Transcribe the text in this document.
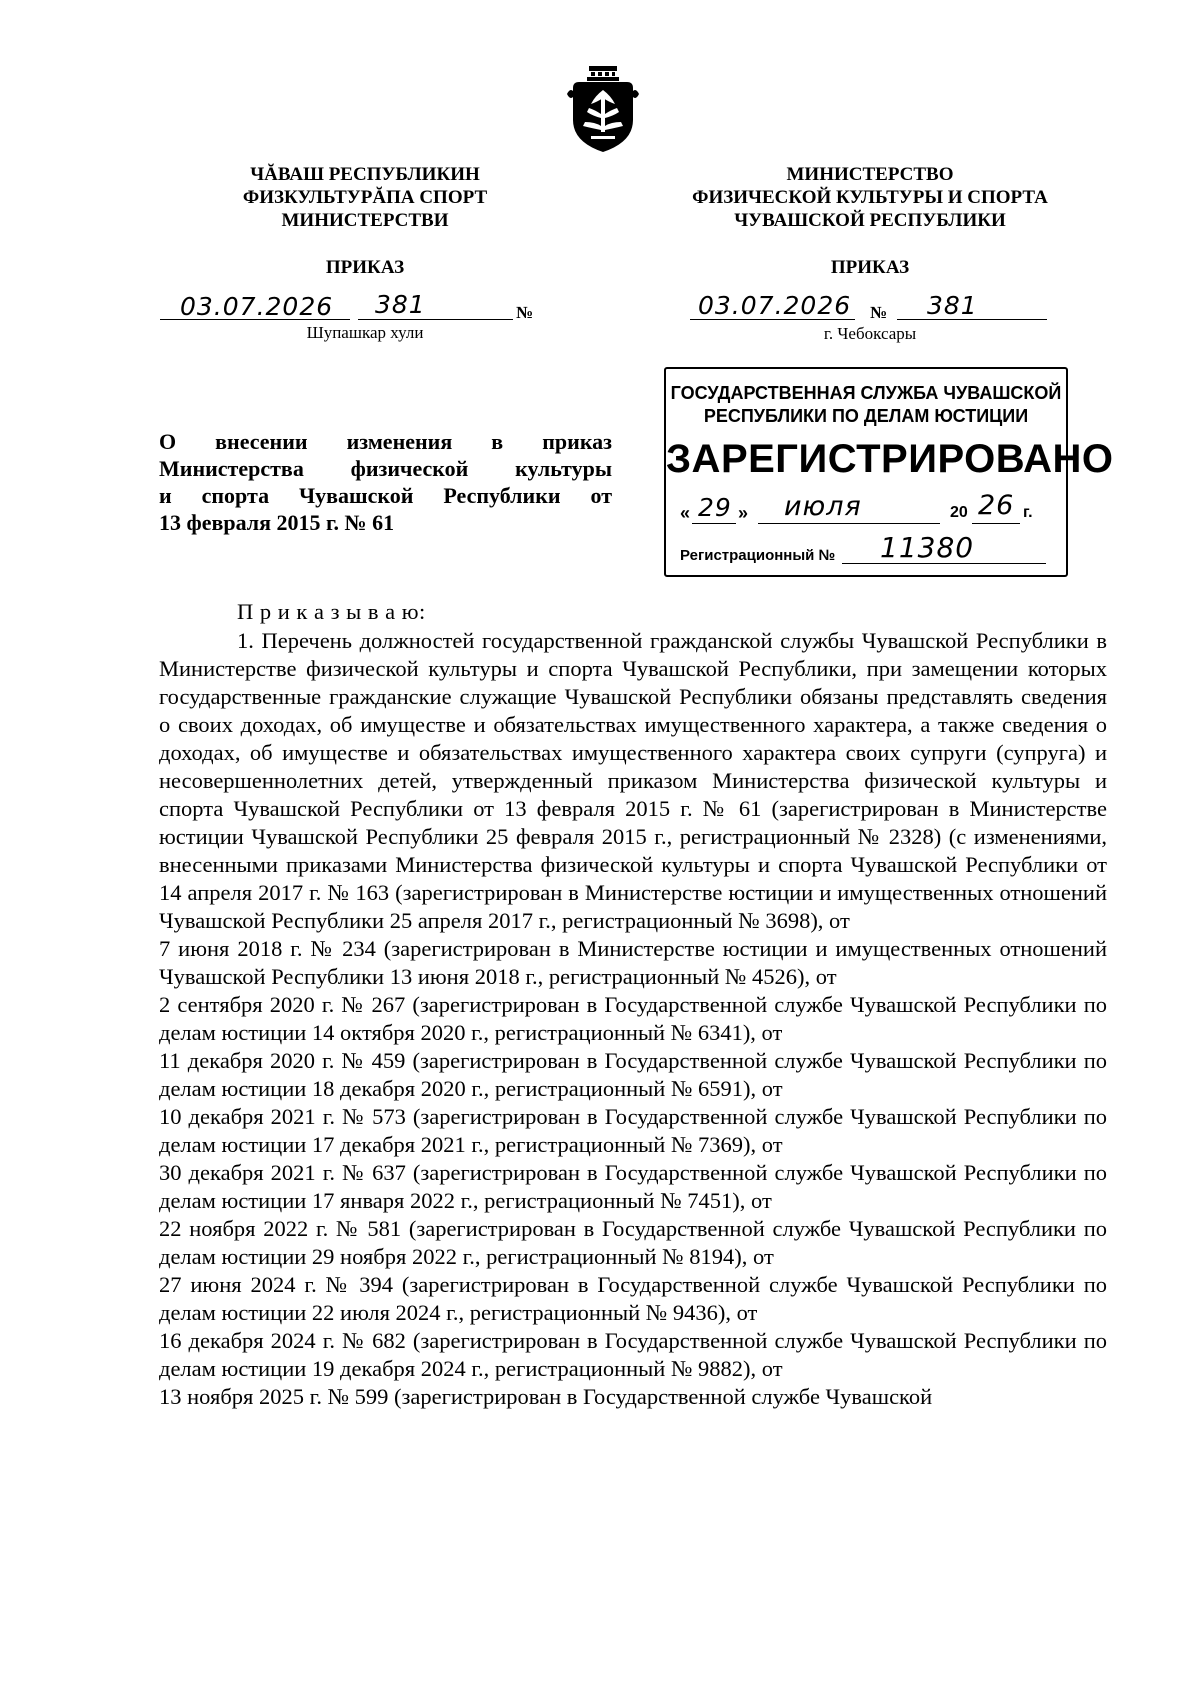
ЧĂВАШ РЕСПУБЛИКИН
ФИЗКУЛЬТУРĂПА СПОРТ
МИНИСТЕРСТВИ
ПРИКАЗ
03.07.2026 381	№
Шупашкар хули
МИНИСТЕРСТВО
ФИЗИЧЕСКОЙ КУЛЬТУРЫ И СПОРТА
ЧУВАШСКОЙ РЕСПУБЛИКИ
ПРИКАЗ
03.07.2026 № 381
г. Чебоксары
ГОСУДАРСТВЕННАЯ СЛУЖБА ЧУВАШСКОЙ
РЕСПУБЛИКИ ПО ДЕЛАМ ЮСТИЦИИ
ЗАРЕГИСТРИРОВАНО
« 29 » июля	20 26 г.
Регистрационный № 11380
О внесении изменения в приказ
Министерства физической культуры
и спорта Чувашской Республики от
13 февраля 2015 г. № 61
П р и к а з ы в а ю:

1. Перечень должностей государственной гражданской службы Чувашской Республики в Министерстве физической культуры и спорта Чувашской Республики, при замещении которых государственные гражданские служащие Чувашской Республики обязаны представлять сведения о своих доходах, об имуществе и обязательствах имущественного характера, а также сведения о доходах, об имуществе и обязательствах имущественного характера своих супруги (супруга) и несовершеннолетних детей, утвержденный приказом Министерства физической культуры и спорта Чувашской Республики от 13 февраля 2015 г. № 61 (зарегистрирован в Министерстве юстиции Чувашской Республики 25 февраля 2015 г., регистрационный № 2328) (с изменениями, внесенными приказами Министерства физической культуры и спорта Чувашской Республики от 14 апреля 2017 г. № 163 (зарегистрирован в Министерстве юстиции и имущественных отношений Чувашской Республики 25 апреля 2017 г., регистрационный № 3698), от

7 июня 2018 г. № 234 (зарегистрирован в Министерстве юстиции и имущественных отношений Чувашской Республики 13 июня 2018 г., регистрационный № 4526), от

2 сентября 2020 г. № 267 (зарегистрирован в Государственной службе Чувашской Республики по делам юстиции 14 октября 2020 г., регистрационный № 6341), от

11 декабря 2020 г. № 459 (зарегистрирован в Государственной службе Чувашской Республики по делам юстиции 18 декабря 2020 г., регистрационный № 6591), от

10 декабря 2021 г. № 573 (зарегистрирован в Государственной службе Чувашской Республики по делам юстиции 17 декабря 2021 г., регистрационный № 7369), от

30 декабря 2021 г. № 637 (зарегистрирован в Государственной службе Чувашской Республики по делам юстиции 17 января 2022 г., регистрационный № 7451), от

22 ноября 2022 г. № 581 (зарегистрирован в Государственной службе Чувашской Республики по делам юстиции 29 ноября 2022 г., регистрационный № 8194), от

27 июня 2024 г. № 394 (зарегистрирован в Государственной службе Чувашской Республики по делам юстиции 22 июля 2024 г., регистрационный № 9436), от

16 декабря 2024 г. № 682 (зарегистрирован в Государственной службе Чувашской Республики по делам юстиции 19 декабря 2024 г., регистрационный № 9882), от

13 ноября 2025 г. № 599 (зарегистрирован в Государственной службе Чувашской
